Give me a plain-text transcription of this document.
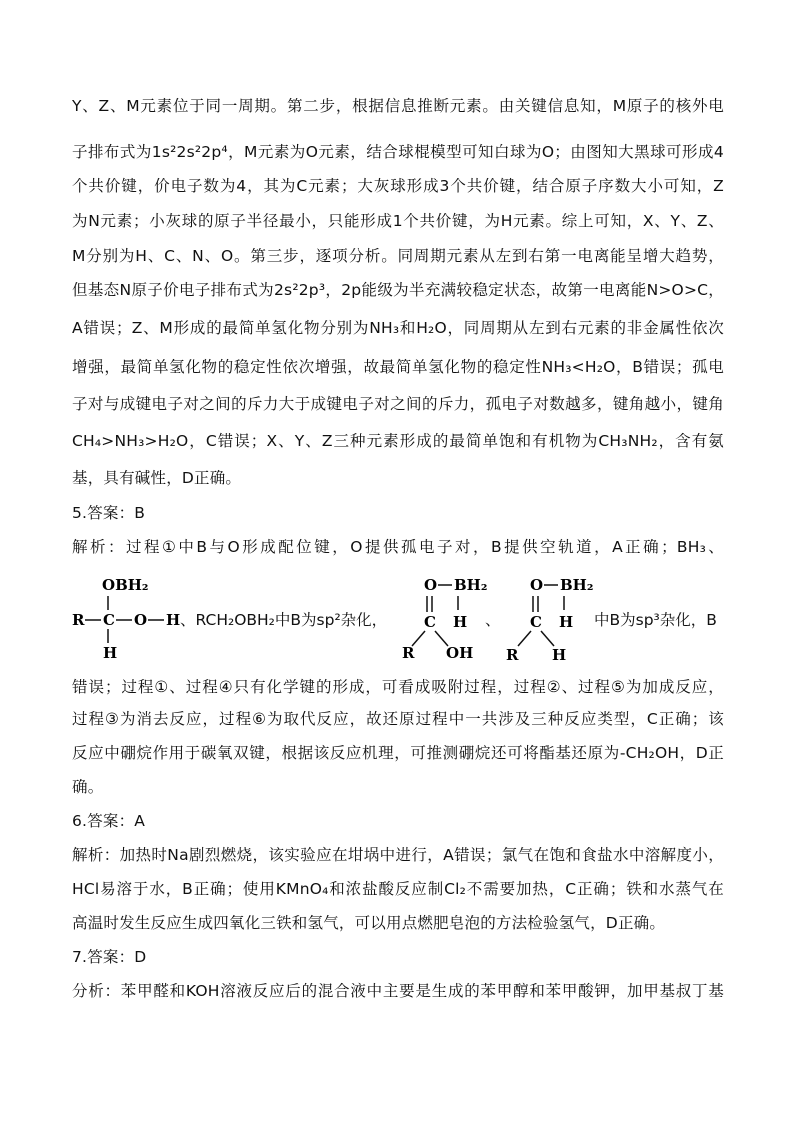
Y、Z、M元素位于同一周期。第二步，根据信息推断元素。由关键信息知，M原子的核外电
子排布式为1s²2s²2p⁴，M元素为O元素，结合球棍模型可知白球为O；由图知大黑球可形成4
个共价键，价电子数为4，其为C元素；大灰球形成3个共价键，结合原子序数大小可知，Z
为N元素；小灰球的原子半径最小，只能形成1个共价键，为H元素。综上可知，X、Y、Z、
M分别为H、C、N、O。第三步，逐项分析。同周期元素从左到右第一电离能呈增大趋势，
但基态N原子价电子排布式为2s²2p³，2p能级为半充满较稳定状态，故第一电离能N>O>C，
A错误；Z、M形成的最简单氢化物分别为NH₃和H₂O，同周期从左到右元素的非金属性依次
增强，最简单氢化物的稳定性依次增强，故最简单氢化物的稳定性NH₃<H₂O，B错误；孤电
子对与成键电子对之间的斥力大于成键电子对之间的斥力，孤电子对数越多，键角越小，键角
CH₄>NH₃>H₂O，C错误；X、Y、Z三种元素形成的最简单饱和有机物为CH₃NH₂，含有氨
基，具有碱性，D正确。
5.答案：B
解析：过程①中B与O形成配位键，O提供孤电子对，B提供空轨道，A正确；BH₃、
OBH₂
R C O H
H
O BH₂
C H
R OH
O BH₂
C H
R H
、RCH₂OBH₂中B为sp²杂化，	、	中B为sp³杂化，B
错误；过程①、过程④只有化学键的形成，可看成吸附过程，过程②、过程⑤为加成反应，
过程③为消去反应，过程⑥为取代反应，故还原过程中一共涉及三种反应类型，C正确；该
反应中硼烷作用于碳氧双键，根据该反应机理，可推测硼烷还可将酯基还原为-CH₂OH，D正
确。
6.答案：A
解析：加热时Na剧烈燃烧，该实验应在坩埚中进行，A错误；氯气在饱和食盐水中溶解度小，
HCl易溶于水，B正确；使用KMnO₄和浓盐酸反应制Cl₂不需要加热，C正确；铁和水蒸气在
高温时发生反应生成四氧化三铁和氢气，可以用点燃肥皂泡的方法检验氢气，D正确。
7.答案：D
分析：苯甲醛和KOH溶液反应后的混合液中主要是生成的苯甲醇和苯甲酸钾，加甲基叔丁基
